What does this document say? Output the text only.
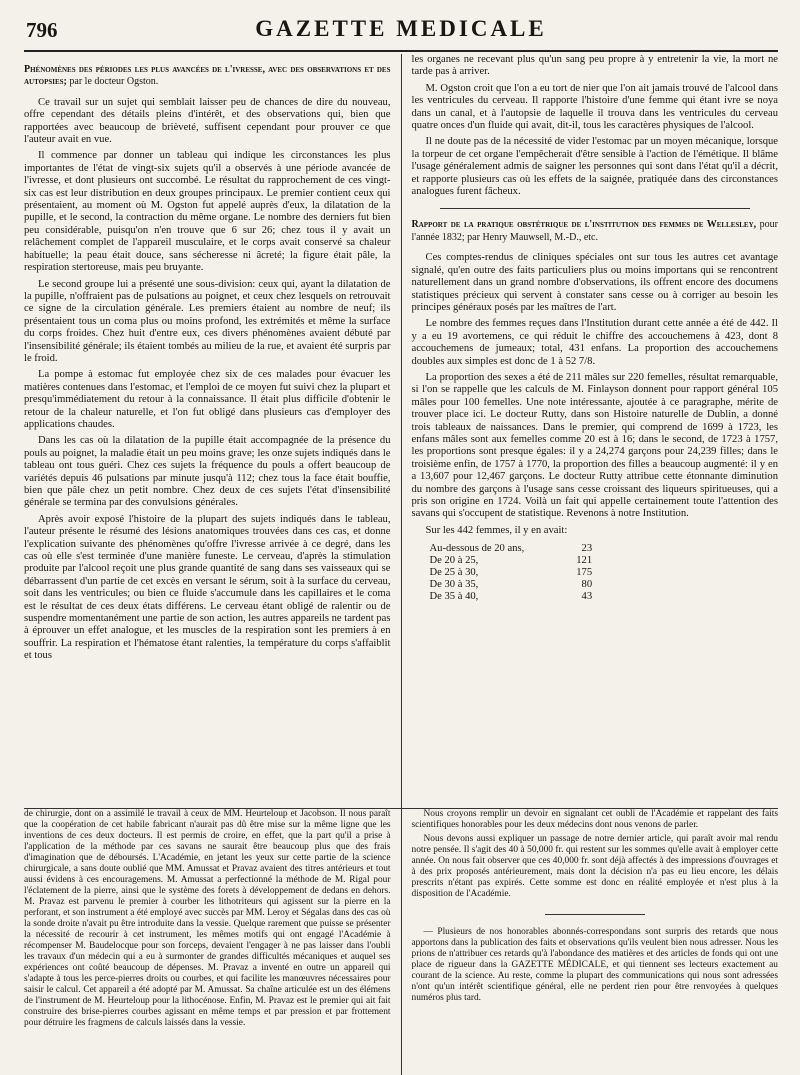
796	GAZETTE MEDICALE

Phénomènes des périodes les plus avancées de l'ivresse, avec des observations et des autopsies; par le docteur Ogston.

Ce travail sur un sujet qui semblait laisser peu de chances de dire du nouveau, offre cependant des détails pleins d'intérêt, et des observations qui, bien que rapportées avec beaucoup de brièveté, suffisent cependant pour prouver ce que l'auteur avait en vue.

Il commence par donner un tableau qui indique les circonstances les plus importantes de l'état de vingt-six sujets qu'il a observés à une période avancée de l'ivresse, et dont plusieurs ont succombé. Le résultat du rapprochement de ces vingt-six cas est leur distribution en deux groupes principaux. Le premier contient ceux qui présentaient, au moment où M. Ogston fut appelé auprès d'eux, la dilatation de la pupille, et le second, la contraction du même organe. Le nombre des derniers fut bien peu considérable, puisqu'on n'en trouve que 6 sur 26; chez tous il y avait un relâchement complet de l'appareil musculaire, et le corps avait conservé sa chaleur habituelle; la peau était douce, sans sécheresse ni âcreté; la figure était pâle, la respiration stertoreuse, mais peu bruyante.

Le second groupe lui a présenté une sous-division: ceux qui, ayant la dilatation de la pupille, n'offraient pas de pulsations au poignet, et ceux chez lesquels on retrouvait ce signe de la circulation générale. Les premiers étaient au nombre de neuf; ils présentaient tous un coma plus ou moins profond, les extrémités et même la surface du corps froides. Chez huit d'entre eux, ces divers phénomènes avaient débuté par l'insensibilité générale; ils étaient tombés au milieu de la rue, et avaient été surpris par le froid.

La pompe à estomac fut employée chez six de ces malades pour évacuer les matières contenues dans l'estomac, et l'emploi de ce moyen fut suivi chez la plupart et presqu'immédiatement du retour à la connaissance. Il était plus difficile d'obtenir le retour de la chaleur naturelle, et l'on fut obligé dans plusieurs cas d'employer des applications chaudes.

Dans les cas où la dilatation de la pupille était accompagnée de la présence du pouls au poignet, la maladie était un peu moins grave; les onze sujets indiqués dans le tableau ont tous guéri. Chez ces sujets la fréquence du pouls a offert beaucoup de variétés depuis 46 pulsations par minute jusqu'à 112; chez tous la face était bouffie, bien que pâle chez un petit nombre. Chez deux de ces sujets l'état d'insensibilité générale se termina par des convulsions générales.

Après avoir exposé l'histoire de la plupart des sujets indiqués dans le tableau, l'auteur présente le résumé des lésions anatomiques trouvées dans ces cas, et donne l'explication suivante des phénomènes qu'offre l'ivresse arrivée à ce degré, dans les cas où elle s'est terminée d'une manière funeste. Le cerveau, d'après la stimulation produite par l'alcool reçoit une plus grande quantité de sang dans ses vaisseaux qui se débarrassent d'un partie de cet excès en versant le sérum, soit à la surface du cerveau, soit dans les ventricules; ou bien ce fluide s'accumule dans les capillaires et le coma est le résultat de ces deux états différens. Le cerveau étant obligé de ralentir ou de suspendre momentanément une partie de son action, les autres appareils ne tardent pas à éprouver un effet analogue, et les muscles de la respiration sont les premiers à en souffrir. La respiration et l'hématose étant ralenties, la température du corps s'affaiblit et tous

les organes ne recevant plus qu'un sang peu propre à y entretenir la vie, la mort ne tarde pas à arriver.

M. Ogston croit que l'on a eu tort de nier que l'on ait jamais trouvé de l'alcool dans les ventricules du cerveau. Il rapporte l'histoire d'une femme qui étant ivre se noya dans un canal, et à l'autopsie de laquelle il trouva dans les ventricules du cerveau quatre onces d'un fluide qui avait, dit-il, tous les caractères physiques de l'alcool.

Il ne doute pas de la nécessité de vider l'estomac par un moyen mécanique, lorsque la torpeur de cet organe l'empêcherait d'être sensible à l'action de l'émétique. Il blâme l'usage généralement admis de saigner les personnes qui sont dans l'état qu'il a décrit, et rapporte plusieurs cas où les effets de la saignée, pratiquée dans des circonstances analogues furent fâcheux.

Rapport de la pratique obstétrique de l'institution des femmes de Wellesley, pour l'année 1832; par Henry Mauwsell, M.-D., etc.

Ces comptes-rendus de cliniques spéciales ont sur tous les autres cet avantage signalé, qu'en outre des faits particuliers plus ou moins importans qui se rencontrent naturellement dans un grand nombre d'observations, ils offrent encore des documens statistiques précieux qui servent à constater sans cesse ou à corriger au besoin les principes généraux posés par les maîtres de l'art.

Le nombre des femmes reçues dans l'Institution durant cette année a été de 442. Il y a eu 19 avortemens, ce qui réduit le chiffre des accouchemens à 423, dont 8 accouchemens de jumeaux; total, 431 enfans. La proportion des accouchemens doubles aux simples est donc de 1 à 52 7/8.

La proportion des sexes a été de 211 mâles sur 220 femelles, résultat remarquable, si l'on se rappelle que les calculs de M. Finlayson donnent pour rapport général 105 mâles pour 100 femelles. Une note intéressante, ajoutée à ce paragraphe, mérite de trouver place ici. Le docteur Rutty, dans son Histoire naturelle de Dublin, a donné trois tableaux de naissances. Dans le premier, qui comprend de 1699 à 1723, les enfans mâles sont aux femelles comme 20 est à 16; dans le second, de 1723 à 1757, les proportions sont presque égales: il y a 24,274 garçons pour 24,239 filles; dans le troisième enfin, de 1757 à 1770, la proportion des filles a beaucoup augmenté: il y en a 13,607 pour 12,467 garçons. Le docteur Rutty attribue cette étonnante diminution du nombre des garçons à l'usage sans cesse croissant des liqueurs spiritueuses, qui a pris son origine en 1724. Voilà un fait qui appelle certainement toute l'attention des savans qui s'occupent de statistique. Revenons à notre Institution.

Sur les 442 femmes, il y en avait:

Au-dessous de 20 ans,	23
De 20 à 25,	121
De 25 à 30,	175
De 30 à 35,	80
De 35 à 40,	43

de chirurgie, dont on a assimilé le travail à ceux de MM. Heurteloup et Jacobson. Il nous paraît que la coopération de cet habile fabricant n'aurait pas dû être mise sur la même ligne que les inventions de ces deux docteurs. Il est permis de croire, en effet, que la part qu'il a prise à l'application de la méthode par ces savans ne saurait être beaucoup plus que des frais d'imagination que de déboursés. L'Académie, en jetant les yeux sur cette partie de la science chirurgicale, a sans doute oublié que MM. Amussat et Pravaz avaient des titres antérieurs et tout aussi évidens à ces encouragemens. M. Amussat a perfectionné la méthode de M. Rigal pour l'éclatement de la pierre, ainsi que le système des forets à développement de dedans en dehors. M. Pravaz est parvenu le premier à courber les lithotriteurs qui agissent sur la pierre en la perforant, et son instrument a été employé avec succès par MM. Leroy et Ségalas dans des cas où la sonde droite n'avait pu être introduite dans la vessie. Quelque rarement que puisse se présenter la nécessité de recourir à cet instrument, les mêmes motifs qui ont engagé l'Académie à récompenser M. Baudelocque pour son forceps, devaient l'engager à ne pas laisser dans l'oubli les travaux d'un médecin qui a eu à surmonter de grandes difficultés mécaniques et auquel ses expériences ont coûté beaucoup de dépenses. M. Pravaz a inventé en outre un appareil qui s'adapte à tous les perce-pierres droits ou courbes, et qui facilite les manœuvres nécessaires pour saisir le calcul. Cet appareil a été adopté par M. Amussat. Sa chaîne articulée est un des élémens de l'instrument de M. Heurteloup pour la lithocénose. Enfin, M. Pravaz est le premier qui ait fait construire des brise-pierres courbes agissant en même temps et par pression et par frottement pour détruire les fragmens de calculs laissés dans la vessie.

Nous croyons remplir un devoir en signalant cet oubli de l'Académie et rappelant des faits scientifiques honorables pour les deux médecins dont nous venons de parler.

Nous devons aussi expliquer un passage de notre dernier article, qui paraît avoir mal rendu notre pensée. Il s'agit des 40 à 50,000 fr. qui restent sur les sommes qu'elle avait à employer cette année. On nous fait observer que ces 40,000 fr. sont déjà affectés à des impressions d'ouvrages et à des prix proposés antérieurement, mais dont la décision n'a pas eu lieu encore, les délais prescrits n'étant pas expirés. Cette somme est donc en réalité employée et n'est plus à la disposition de l'Académie.

— Plusieurs de nos honorables abonnés-correspondans sont surpris des retards que nous apportons dans la publication des faits et observations qu'ils veulent bien nous adresser. Nous les prions de n'attribuer ces retards qu'à l'abondance des matières et des articles de fonds qui ont une place de rigueur dans la GAZETTE MÉDICALE, et qui tiennent ses lecteurs exactement au courant de la science. Au reste, comme la plupart des communications qui nous sont adressées n'ont qu'un intérêt scientifique général, elle ne perdent rien pour être renvoyées à quelques numéros plus tard.
